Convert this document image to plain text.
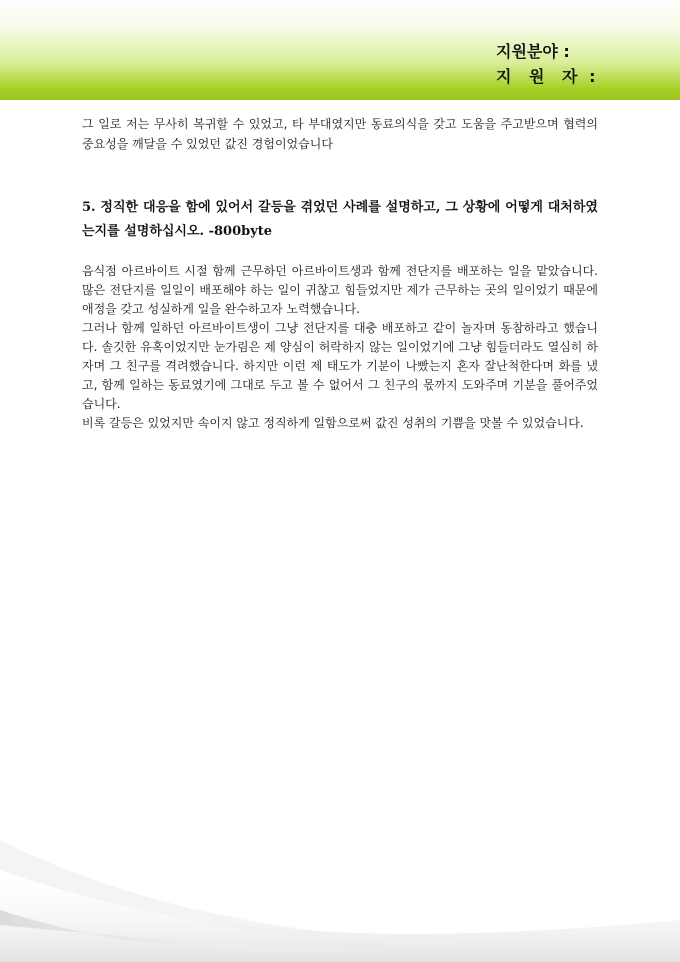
지원분야 :
지 원 자 :

그 일로 저는 무사히 복귀할 수 있었고, 타 부대였지만 동료의식을 갖고 도움을 주고받으며 협력의 중요성을 깨달을 수 있었던 값진 경험이었습니다

5. 정직한 대응을 함에 있어서 갈등을 겪었던 사례를 설명하고, 그 상황에 어떻게 대처하였는지를 설명하십시오. -800byte

음식점 아르바이트 시절 함께 근무하던 아르바이트생과 함께 전단지를 배포하는 일을 맡았습니다. 많은 전단지를 일일이 배포해야 하는 일이 귀찮고 힘들었지만 제가 근무하는 곳의 일이었기 때문에 애정을 갖고 성실하게 일을 완수하고자 노력했습니다.

그러나 함께 일하던 아르바이트생이 그냥 전단지를 대충 배포하고 같이 놀자며 동참하라고 했습니다. 솔깃한 유혹이었지만 눈가림은 제 양심이 허락하지 않는 일이었기에 그냥 힘들더라도 열심히 하자며 그 친구를 격려했습니다. 하지만 이런 제 태도가 기분이 나빴는지 혼자 잘난척한다며 화를 냈고, 함께 일하는 동료였기에 그대로 두고 볼 수 없어서 그 친구의 몫까지 도와주며 기분을 풀어주었습니다.

비록 갈등은 있었지만 속이지 않고 정직하게 일함으로써 값진 성취의 기쁨을 맛볼 수 있었습니다.
